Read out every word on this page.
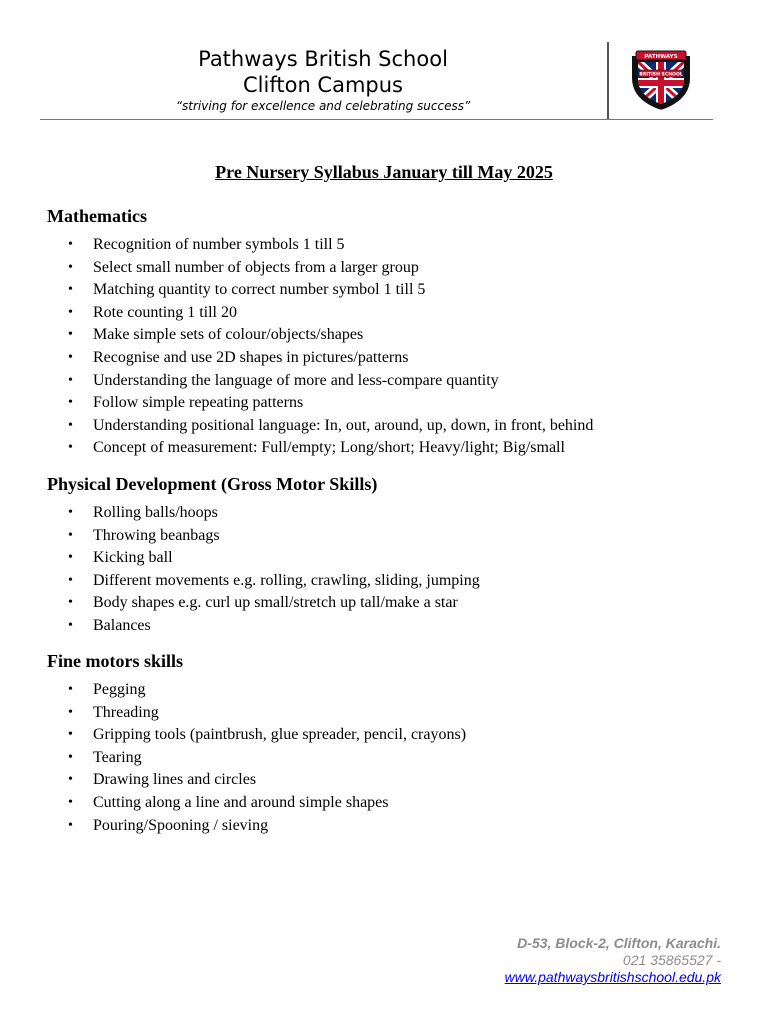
Pathways British School
Clifton Campus
“striving for excellence and celebrating success”
PATHWAYS
BRITISH SCHOOL
Pre Nursery Syllabus January till May 2025
Mathematics
• Recognition of number symbols 1 till 5
• Select small number of objects from a larger group
• Matching quantity to correct number symbol 1 till 5
• Rote counting 1 till 20
• Make simple sets of colour/objects/shapes
• Recognise and use 2D shapes in pictures/patterns
• Understanding the language of more and less-compare quantity
• Follow simple repeating patterns
• Understanding positional language: In, out, around, up, down, in front, behind
• Concept of measurement: Full/empty; Long/short; Heavy/light; Big/small
Physical Development (Gross Motor Skills)
• Rolling balls/hoops
• Throwing beanbags
• Kicking ball
• Different movements e.g. rolling, crawling, sliding, jumping
• Body shapes e.g. curl up small/stretch up tall/make a star
• Balances
Fine motors skills
• Pegging
• Threading
• Gripping tools (paintbrush, glue spreader, pencil, crayons)
• Tearing
• Drawing lines and circles
• Cutting along a line and around simple shapes
• Pouring/Spooning / sieving
D-53, Block-2, Clifton, Karachi.
021 35865527 -
www.pathwaysbritishschool.edu.pk
